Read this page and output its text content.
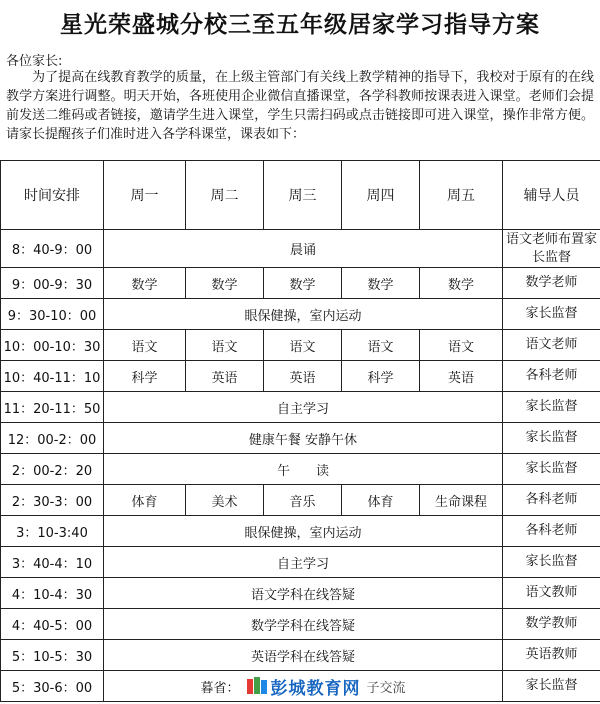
星光荣盛城分校三至五年级居家学习指导方案
各位家长:
为了提高在线教育教学的质量，在上级主管部门有关线上教学精神的指导下，我校对于原有的在线教学方案进行调整。明天开始，各班使用企业微信直播课堂，各学科教师按课表进入课堂。老师们会提前发送二维码或者链接，邀请学生进入课堂，学生只需扫码或点击链接即可进入课堂，操作非常方便。请家长提醒孩子们准时进入各学科课堂，课表如下：
时间安排	周一	周二	周三	周四	周五	辅导人员
8：40-9：00	晨诵					语文老师布置家长监督
9：00-9：30	数学	数学	数学	数学	数学	数学老师
9：30-10：00	眼保健操，室内运动					家长监督
10：00-10：30	语文	语文	语文	语文	语文	语文老师
10：40-11：10	科学	英语	英语	科学	英语	各科老师
11：20-11：50	自主学习					家长监督
12：00-2：00	健康午餐 安静午休					家长监督
2：00-2：20	午　　读					家长监督
2：30-3：00	体育	美术	音乐	体育	生命课程	各科老师
3：10-3:40	眼保健操，室内运动					各科老师
3：40-4：10	自主学习					家长监督
4：10-4：30	语文学科在线答疑					语文教师
4：40-5：00	数学学科在线答疑					数学教师
5：10-5：30	英语学科在线答疑					英语教师
5：30-6：00	暮省： 彭城教育网 子交流					家长监督
